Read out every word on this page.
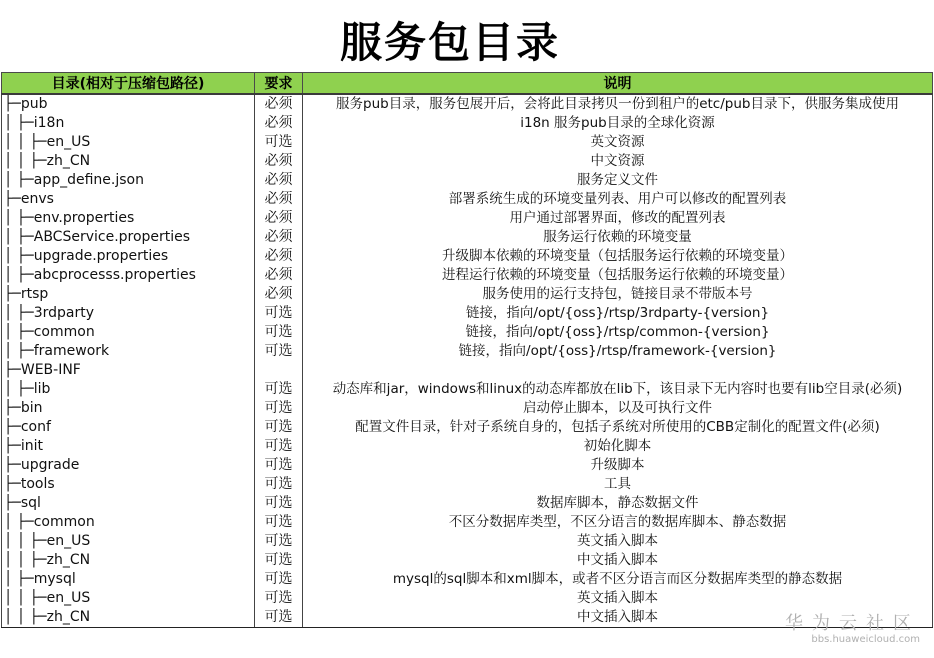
服务包目录
目录(相对于压缩包路径)	要求	说明
├─pub	必须	服务pub目录，服务包展开后，会将此目录拷贝一份到租户的etc/pub目录下，供服务集成使用
│ ├─i18n	必须	i18n 服务pub目录的全球化资源
│ │ ├─en_US	可选	英文资源
│ │ ├─zh_CN	必须	中文资源
│ ├─app_define.json	必须	服务定义文件
├─envs	必须	部署系统生成的环境变量列表、用户可以修改的配置列表
│ ├─env.properties	必须	用户通过部署界面，修改的配置列表
│ ├─ABCService.properties	必须	服务运行依赖的环境变量
│ ├─upgrade.properties	必须	升级脚本依赖的环境变量（包括服务运行依赖的环境变量）
│ ├─abcprocesss.properties	必须	进程运行依赖的环境变量（包括服务运行依赖的环境变量）
├─rtsp	必须	服务使用的运行支持包，链接目录不带版本号
│ ├─3rdparty	可选	链接，指向/opt/{oss}/rtsp/3rdparty-{version}
│ ├─common	可选	链接，指向/opt/{oss}/rtsp/common-{version}
│ ├─framework	可选	链接，指向/opt/{oss}/rtsp/framework-{version}
├─WEB-INF		
│ ├─lib	可选	动态库和jar，windows和linux的动态库都放在lib下，该目录下无内容时也要有lib空目录(必须)
├─bin	可选	启动停止脚本，以及可执行文件
├─conf	可选	配置文件目录，针对子系统自身的，包括子系统对所使用的CBB定制化的配置文件(必须)
├─init	可选	初始化脚本
├─upgrade	可选	升级脚本
├─tools	可选	工具
├─sql	可选	数据库脚本，静态数据文件
│ ├─common	可选	不区分数据库类型，不区分语言的数据库脚本、静态数据
│ │ ├─en_US	可选	英文插入脚本
│ │ ├─zh_CN	可选	中文插入脚本
│ ├─mysql	可选	mysql的sql脚本和xml脚本，或者不区分语言而区分数据库类型的静态数据
│ │ ├─en_US	可选	英文插入脚本
│ │ ├─zh_CN	可选	中文插入脚本	华为云社区
bbs.huaweicloud.com
